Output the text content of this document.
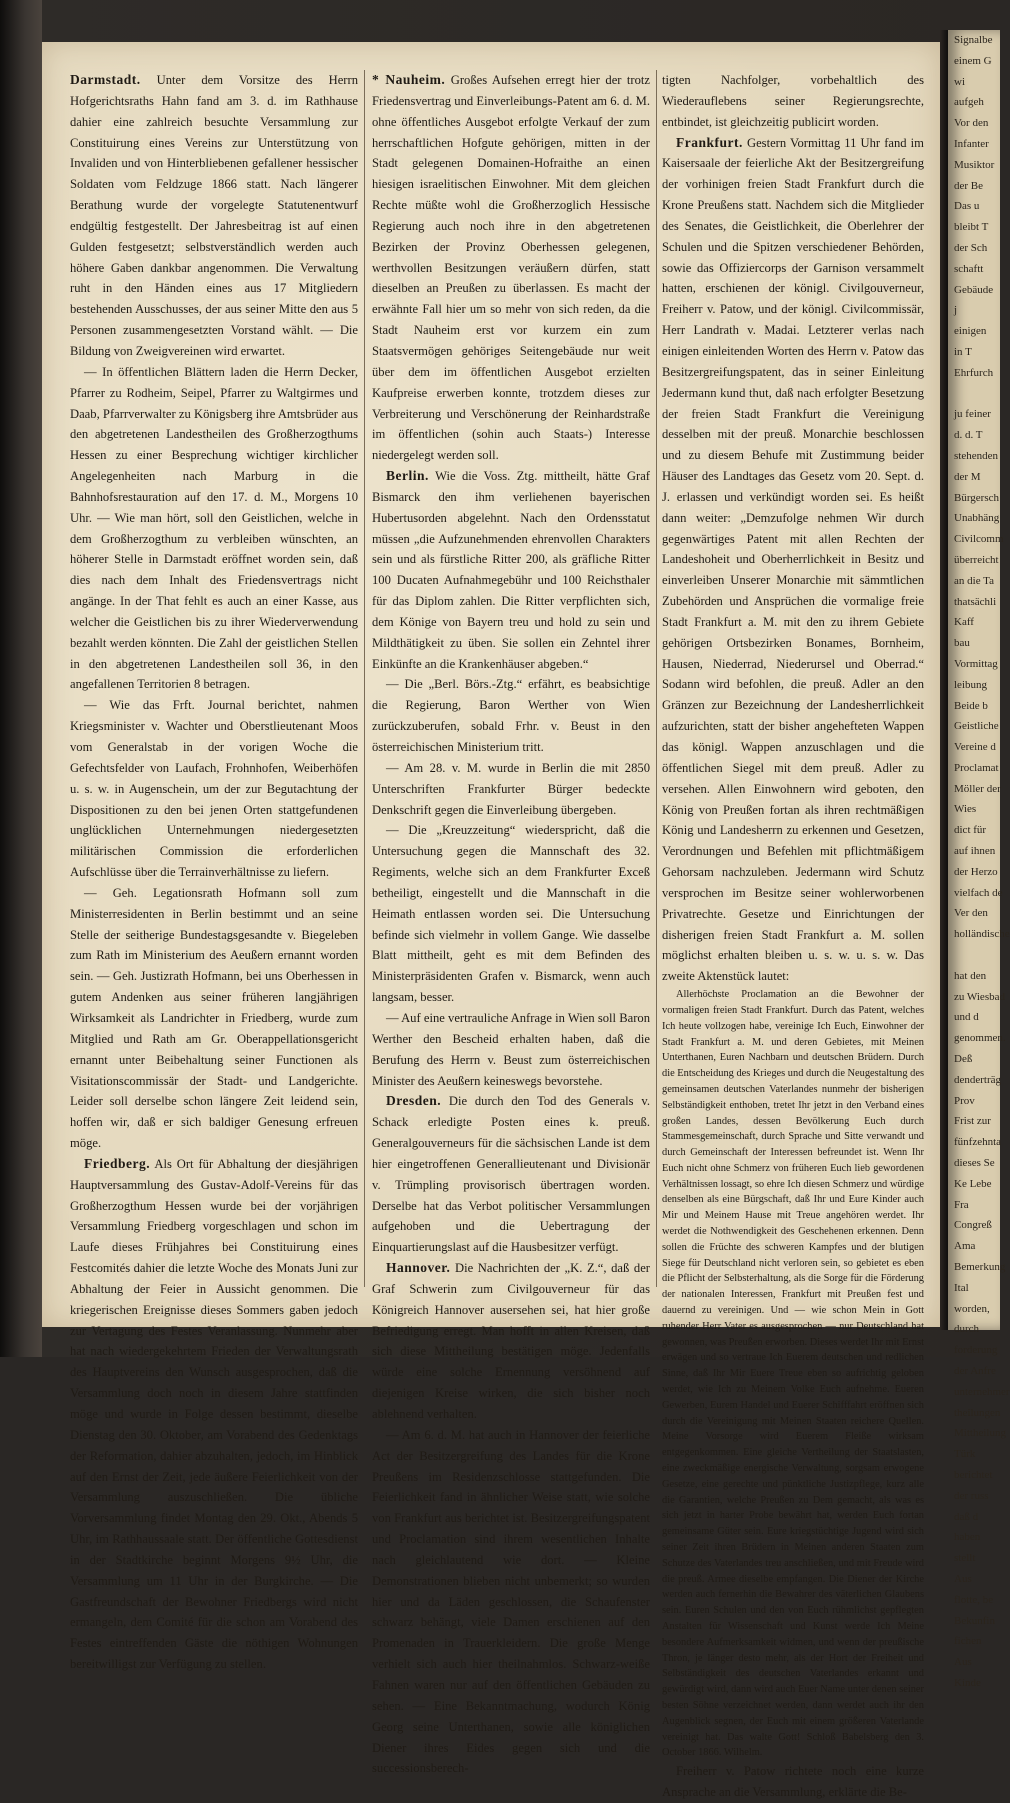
Darmstadt. Unter dem Vorsitze des Herrn Hofgerichtsraths Hahn fand am 3. d. im Rathhause dahier eine zahlreich besuchte Versammlung zur Constituirung eines Vereins zur Unterstützung von Invaliden und von Hinterbliebenen gefallener hessischer Soldaten vom Feldzuge 1866 statt. Nach längerer Berathung wurde der vorgelegte Statutenentwurf endgültig festgestellt. Der Jahresbeitrag ist auf einen Gulden festgesetzt; selbstverständlich werden auch höhere Gaben dankbar angenommen. Die Verwaltung ruht in den Händen eines aus 17 Mitgliedern bestehenden Ausschusses, der aus seiner Mitte den aus 5 Personen zusammengesetzten Vorstand wählt. — Die Bildung von Zweigvereinen wird erwartet.

— In öffentlichen Blättern laden die Herrn Decker, Pfarrer zu Rodheim, Seipel, Pfarrer zu Waltgirmes und Daab, Pfarrverwalter zu Königsberg ihre Amtsbrüder aus den abgetretenen Landestheilen des Großherzogthums Hessen zu einer Besprechung wichtiger kirchlicher Angelegenheiten nach Marburg in die Bahnhofsrestauration auf den 17. d. M., Morgens 10 Uhr. — Wie man hört, soll den Geistlichen, welche in dem Großherzogthum zu verbleiben wünschten, an höherer Stelle in Darmstadt eröffnet worden sein, daß dies nach dem Inhalt des Friedensvertrags nicht angänge. In der That fehlt es auch an einer Kasse, aus welcher die Geistlichen bis zu ihrer Wiederverwendung bezahlt werden könnten. Die Zahl der geistlichen Stellen in den abgetretenen Landestheilen soll 36, in den angefallenen Territorien 8 betragen.

— Wie das Frft. Journal berichtet, nahmen Kriegsminister v. Wachter und Oberstlieutenant Moos vom Generalstab in der vorigen Woche die Gefechtsfelder von Laufach, Frohnhofen, Weiberhöfen u. s. w. in Augenschein, um der zur Begutachtung der Dispositionen zu den bei jenen Orten stattgefundenen unglücklichen Unternehmungen niedergesetzten militärischen Commission die erforderlichen Aufschlüsse über die Terrainverhältnisse zu liefern.

— Geh. Legationsrath Hofmann soll zum Ministerresidenten in Berlin bestimmt und an seine Stelle der seitherige Bundestagsgesandte v. Biegeleben zum Rath im Ministerium des Aeußern ernannt worden sein. — Geh. Justizrath Hofmann, bei uns Oberhessen in gutem Andenken aus seiner früheren langjährigen Wirksamkeit als Landrichter in Friedberg, wurde zum Mitglied und Rath am Gr. Oberappellationsgericht ernannt unter Beibehaltung seiner Functionen als Visitationscommissär der Stadt- und Landgerichte. Leider soll derselbe schon längere Zeit leidend sein, hoffen wir, daß er sich baldiger Genesung erfreuen möge.

Friedberg. Als Ort für Abhaltung der diesjährigen Hauptversammlung des Gustav-Adolf-Vereins für das Großherzogthum Hessen wurde bei der vorjährigen Versammlung Friedberg vorgeschlagen und schon im Laufe dieses Frühjahres bei Constituirung eines Festcomités dahier die letzte Woche des Monats Juni zur Abhaltung der Feier in Aussicht genommen. Die kriegerischen Ereignisse dieses Sommers gaben jedoch zur Vertagung des Festes Veranlassung. Nunmehr aber hat nach wiedergekehrtem Frieden der Verwaltungsrath des Hauptvereins den Wunsch ausgesprochen, daß die Versammlung doch noch in diesem Jahre stattfinden möge und wurde in Folge dessen bestimmt, dieselbe Dienstag den 30. Oktober, am Vorabend des Gedenktags der Reformation, dahier abzuhalten, jedoch, im Hinblick auf den Ernst der Zeit, jede äußere Feierlichkeit von der Versammlung auszuschließen. Die übliche Vorversammlung findet Montag den 29. Okt., Abends 5 Uhr, im Rathhaussaale statt. Der öffentliche Gottesdienst in der Stadtkirche beginnt Morgens 9½ Uhr, die Versammlung um 11 Uhr in der Burgkirche. — Die Gastfreundschaft der Bewohner Friedbergs wird nicht ermangeln, dem Comité für die schon am Vorabend des Festes eintreffenden Gäste die nöthigen Wohnungen bereitwilligst zur Verfügung zu stellen.

* Nauheim. Großes Aufsehen erregt hier der trotz Friedensvertrag und Einverleibungs-Patent am 6. d. M. ohne öffentliches Ausgebot erfolgte Verkauf der zum herrschaftlichen Hofgute gehörigen, mitten in der Stadt gelegenen Domainen-Hofraithe an einen hiesigen israelitischen Einwohner. Mit dem gleichen Rechte müßte wohl die Großherzoglich Hessische Regierung auch noch ihre in den abgetretenen Bezirken der Provinz Oberhessen gelegenen, werthvollen Besitzungen veräußern dürfen, statt dieselben an Preußen zu überlassen. Es macht der erwähnte Fall hier um so mehr von sich reden, da die Stadt Nauheim erst vor kurzem ein zum Staatsvermögen gehöriges Seitengebäude nur weit über dem im öffentlichen Ausgebot erzielten Kaufpreise erwerben konnte, trotzdem dieses zur Verbreiterung und Verschönerung der Reinhardstraße im öffentlichen (sohin auch Staats-) Interesse niedergelegt werden soll.

Berlin. Wie die Voss. Ztg. mittheilt, hätte Graf Bismarck den ihm verliehenen bayerischen Hubertusorden abgelehnt. Nach den Ordensstatut müssen „die Aufzunehmenden ehrenvollen Charakters sein und als fürstliche Ritter 200, als gräfliche Ritter 100 Ducaten Aufnahmegebühr und 100 Reichsthaler für das Diplom zahlen. Die Ritter verpflichten sich, dem Könige von Bayern treu und hold zu sein und Mildthätigkeit zu üben. Sie sollen ein Zehntel ihrer Einkünfte an die Krankenhäuser abgeben.“

— Die „Berl. Börs.-Ztg.“ erfährt, es beabsichtige die Regierung, Baron Werther von Wien zurückzuberufen, sobald Frhr. v. Beust in den österreichischen Ministerium tritt.

— Am 28. v. M. wurde in Berlin die mit 2850 Unterschriften Frankfurter Bürger bedeckte Denkschrift gegen die Einverleibung übergeben.

— Die „Kreuzzeitung“ wiederspricht, daß die Untersuchung gegen die Mannschaft des 32. Regiments, welche sich an dem Frankfurter Exceß betheiligt, eingestellt und die Mannschaft in die Heimath entlassen worden sei. Die Untersuchung befinde sich vielmehr in vollem Gange. Wie dasselbe Blatt mittheilt, geht es mit dem Befinden des Ministerpräsidenten Grafen v. Bismarck, wenn auch langsam, besser.

— Auf eine vertrauliche Anfrage in Wien soll Baron Werther den Bescheid erhalten haben, daß die Berufung des Herrn v. Beust zum österreichischen Minister des Aeußern keineswegs bevorstehe.

Dresden. Die durch den Tod des Generals v. Schack erledigte Posten eines k. preuß. Generalgouverneurs für die sächsischen Lande ist dem hier eingetroffenen Generallieutenant und Divisionär v. Trümpling provisorisch übertragen worden. Derselbe hat das Verbot politischer Versammlungen aufgehoben und die Uebertragung der Einquartierungslast auf die Hausbesitzer verfügt.

Hannover. Die Nachrichten der „K. Z.“, daß der Graf Schwerin zum Civilgouverneur für das Königreich Hannover ausersehen sei, hat hier große Befriedigung erregt. Man hofft in allen Kreisen, daß sich diese Mittheilung bestätigen möge. Jedenfalls würde eine solche Ernennung versöhnend auf diejenigen Kreise wirken, die sich bisher noch ablehnend verhalten.

— Am 6. d. M. hat auch in Hannover der feierliche Act der Besitzergreifung des Landes für die Krone Preußens im Residenzschlosse stattgefunden. Die Feierlichkeit fand in ähnlicher Weise statt, wie solche von Frankfurt aus berichtet ist. Besitzergreifungspatent und Proclamation sind ihrem wesentlichen Inhalte nach gleichlautend wie dort. — Kleine Demonstrationen blieben nicht unbemerkt; so wurden hier und da Läden geschlossen, die Schaufenster schwarz behängt, viele Damen erschienen auf den Promenaden in Trauerkleidern. Die große Menge verhielt sich auch hier theilnahmlos. Schwarz-weiße Fahnen waren nur auf den öffentlichen Gebäuden zu sehen. — Eine Bekanntmachung, wodurch König Georg seine Unterthanen, sowie alle königlichen Diener ihres Eides gegen sich und die successionsberech-

tigten Nachfolger, vorbehaltlich des Wiederauflebens seiner Regierungsrechte, entbindet, ist gleichzeitig publicirt worden.

Frankfurt. Gestern Vormittag 11 Uhr fand im Kaisersaale der feierliche Akt der Besitzergreifung der vorhinigen freien Stadt Frankfurt durch die Krone Preußens statt. Nachdem sich die Mitglieder des Senates, die Geistlichkeit, die Oberlehrer der Schulen und die Spitzen verschiedener Behörden, sowie das Offiziercorps der Garnison versammelt hatten, erschienen der königl. Civilgouverneur, Freiherr v. Patow, und der königl. Civilcommissär, Herr Landrath v. Madai. Letzterer verlas nach einigen einleitenden Worten des Herrn v. Patow das Besitzergreifungspatent, das in seiner Einleitung Jedermann kund thut, daß nach erfolgter Besetzung der freien Stadt Frankfurt die Vereinigung desselben mit der preuß. Monarchie beschlossen und zu diesem Behufe mit Zustimmung beider Häuser des Landtages das Gesetz vom 20. Sept. d. J. erlassen und verkündigt worden sei. Es heißt dann weiter: „Demzufolge nehmen Wir durch gegenwärtiges Patent mit allen Rechten der Landeshoheit und Oberherrlichkeit in Besitz und einverleiben Unserer Monarchie mit sämmtlichen Zubehörden und Ansprüchen die vormalige freie Stadt Frankfurt a. M. mit den zu ihrem Gebiete gehörigen Ortsbezirken Bonames, Bornheim, Hausen, Niederrad, Niederursel und Oberrad.“ Sodann wird befohlen, die preuß. Adler an den Gränzen zur Bezeichnung der Landesherrlichkeit aufzurichten, statt der bisher angehefteten Wappen das königl. Wappen anzuschlagen und die öffentlichen Siegel mit dem preuß. Adler zu versehen. Allen Einwohnern wird geboten, den König von Preußen fortan als ihren rechtmäßigen König und Landesherrn zu erkennen und Gesetzen, Verordnungen und Befehlen mit pflichtmäßigem Gehorsam nachzuleben. Jedermann wird Schutz versprochen im Besitze seiner wohlerworbenen Privatrechte. Gesetze und Einrichtungen der disherigen freien Stadt Frankfurt a. M. sollen möglichst erhalten bleiben u. s. w. u. s. w. Das zweite Aktenstück lautet:

Allerhöchste Proclamation an die Bewohner der vormaligen freien Stadt Frankfurt. Durch das Patent, welches Ich heute vollzogen habe, vereinige Ich Euch, Einwohner der Stadt Frankfurt a. M. und deren Gebietes, mit Meinen Unterthanen, Euren Nachbarn und deutschen Brüdern. Durch die Entscheidung des Krieges und durch die Neugestaltung des gemeinsamen deutschen Vaterlandes nunmehr der bisherigen Selbständigkeit enthoben, tretet Ihr jetzt in den Verband eines großen Landes, dessen Bevölkerung Euch durch Stammesgemeinschaft, durch Sprache und Sitte verwandt und durch Gemeinschaft der Interessen befreundet ist. Wenn Ihr Euch nicht ohne Schmerz von früheren Euch lieb gewordenen Verhältnissen lossagt, so ehre Ich diesen Schmerz und würdige denselben als eine Bürgschaft, daß Ihr und Eure Kinder auch Mir und Meinem Hause mit Treue angehören werdet. Ihr werdet die Nothwendigkeit des Geschehenen erkennen. Denn sollen die Früchte des schweren Kampfes und der blutigen Siege für Deutschland nicht verloren sein, so gebietet es eben die Pflicht der Selbsterhaltung, als die Sorge für die Förderung der nationalen Interessen, Frankfurt mit Preußen fest und dauernd zu vereinigen. Und — wie schon Mein in Gott ruhender Herr Vater es ausgesprochen — nur Deutschland hat gewonnen, was Preußen erworben. Dieses werdet Ihr mit Ernst erwägen und so vertraue Ich Euerem deutschen und redlichen Sinne, daß Ihr Mir Euere Treue eben so aufrichtig geloben werdet, wie Ich zu Meinem Volke Euch aufnehme. Eueren Gewerben, Eurem Handel und Euerer Schifffahrt eröffnen sich durch die Vereinigung mit Meinen Staaten reichere Quellen. Meine Vorsorge wird Euerem Fleiße wirksam entgegenkommen. Eine gleiche Vertheilung der Staatslasten, eine zweckmäßige energische Verwaltung, sorgsam erwogene Gesetze, eine gerechte und pünktliche Justizpflege, kurz alle die Garantien, welche Preußen zu Dem gemacht, als was es sich jetzt in harter Probe bewährt hat, werden Euch fortan gemeinsame Güter sein. Eure kriegstüchtige Jugend wird sich seiner Zeit ihren Brüdern in Meinen anderen Staaten zum Schutze des Vaterlandes treu anschließen, und mit Freude wird die preuß. Armee dieselbe empfangen. Die Diener der Kirche werden auch fernerhin die Bewahrer des väterlichen Glaubens sein. Euren Schulen und den von Euch rühmlichst gepflegten Anstalten für Wissenschaft und Kunst werde Ich Meine besondere Aufmerksamkeit widmen, und wenn der preußische Thron, je länger desto mehr, als der Hort der Freiheit und Selbständigkeit des deutschen Vaterlandes erkannt und gewürdigt wird, dann wird auch Euer Name unter denen seiner besten Söhne verzeichnet werden, dann werdet auch ihr den Augenblick segnen, der Euch mit einem größeren Vaterlande vereinigt hat. Das walte Gott! Schloß Babelsberg den 3. October 1866. Wilhelm.

Freiherr v. Patow richtete noch eine kurze Ansprache an die Versammlung, erklärte die Be-

Signalbe
einem G
wi
aufgeh
Vor den
Infanter
Musiktor
der Be
Das u
bleibt T
der Sch
schaftt
Gebäude
j
einigen
in T
Ehrfurch

ju feiner
d. d. T
stehenden
der M
Bürgersch
Unabhäng
Civilcomm
überreicht
an die Ta
thatsächli
Kaff
bau
Vormittag
leibung
Beide b
Geistliche
Vereine d
Proclamat
Möller der
Wies
dict für
auf ihnen
der Herzo
vielfach de
Ver den
holländische

hat den
zu Wiesbad
und d
genommen.
Deß
denderträg
Prov
Frist zur
fünfzehnta
dieses Se
Ke Lebe
Fra
Congreß
Ama
Bemerkung
Ital
worden,
durch
forderung
der Anfre
unternehmer
theilungen
Mittheilung
Türk
berichtet
der russ
daß d
haben
stellt
Aus
flotte, be
Bekunfin
fichen
Aus
Kinde
